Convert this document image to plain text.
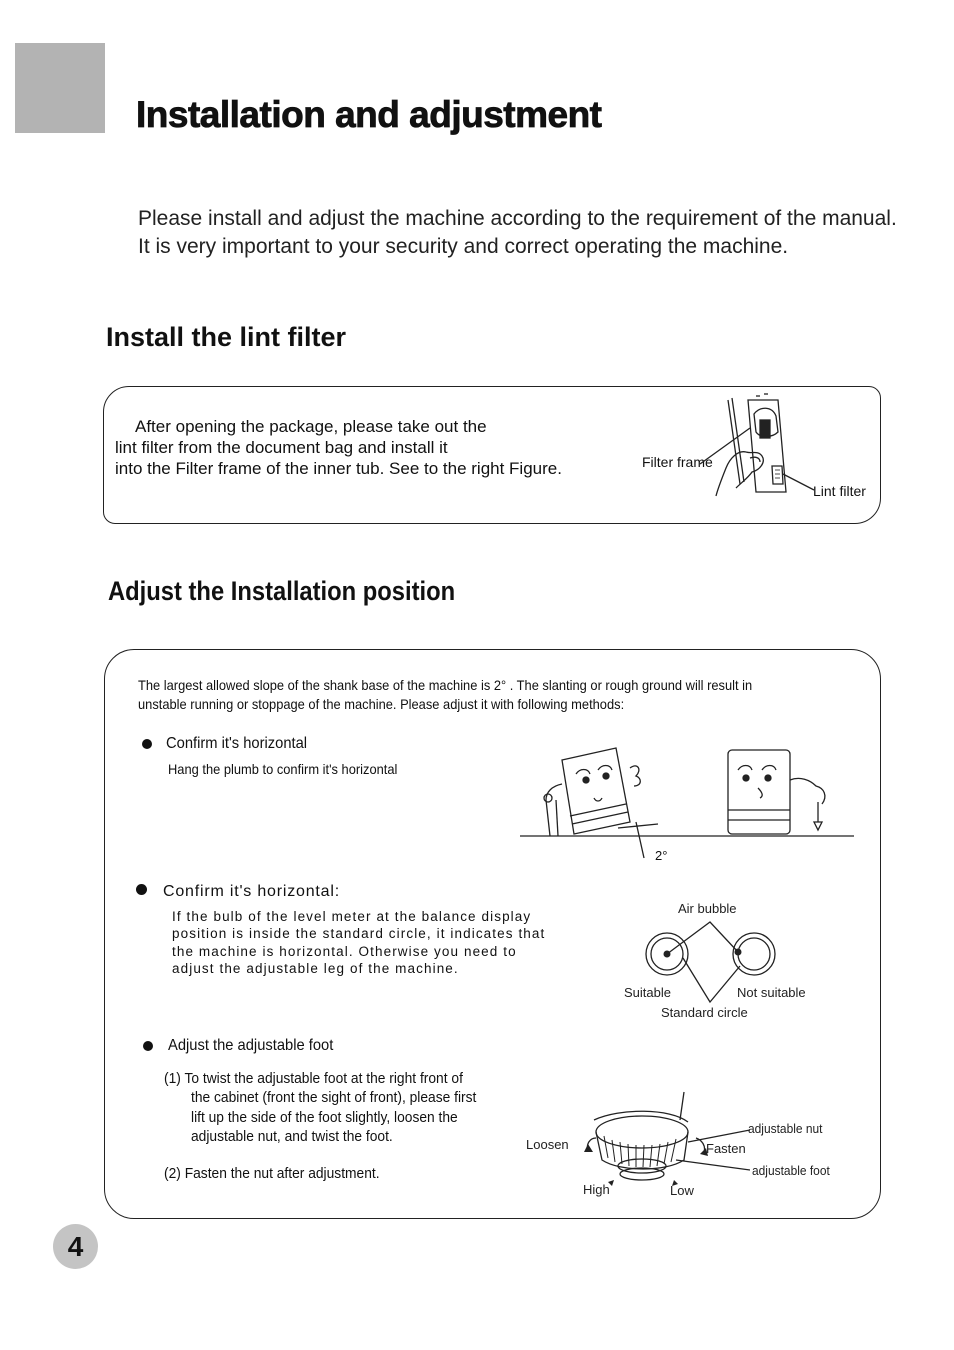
Installation and adjustment
Please install and adjust the machine according to the requirement of the manual.
It is very important to your security and correct operating the machine.
Install the lint filter
After opening the package, please take out the
lint filter from the document bag and install it
into the Filter frame of the inner tub. See to the right Figure.	Filter frame
Lint filter
Adjust the Installation position
The largest allowed slope of the shank base of the machine is 2° . The slanting or rough ground will result in
unstable running or stoppage of the machine. Please adjust it with following methods:
Confirm it's horizontal
Hang the plumb to confirm it's horizontal
2°
Confirm it's horizontal:
If the bulb of the level meter at the balance display
position is inside the standard circle, it indicates that
the machine is horizontal. Otherwise you need to
adjust the adjustable leg of the machine.
Air bubble
Suitable	Not suitable
Standard circle
Adjust the adjustable foot
(1) To twist the adjustable foot at the right front of
the cabinet (front the sight of front), please first
lift up the side of the foot slightly, loosen the
adjustable nut, and twist the foot.
(2) Fasten the nut after adjustment.
Loosen	Fasten
adjustable nut
adjustable foot
High	Low
4
